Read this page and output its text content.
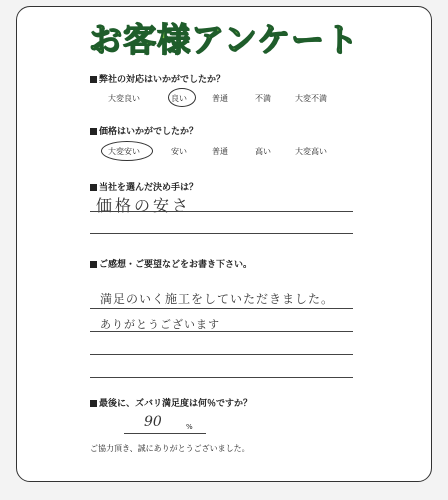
お客様アンケート
弊社の対応はいかがでしたか？
大変良い	良い	普通	不満	大変不満
価格はいかがでしたか？
大変安い	安い	普通	高い	大変高い
当社を選んだ決め手は？
価格の安さ
ご感想・ご要望などをお書き下さい。
満足のいく施工をしていただきました。
ありがとうございます
最後に、ズバリ満足度は何％ですか？
90	%
ご協力頂き、誠にありがとうございました。
